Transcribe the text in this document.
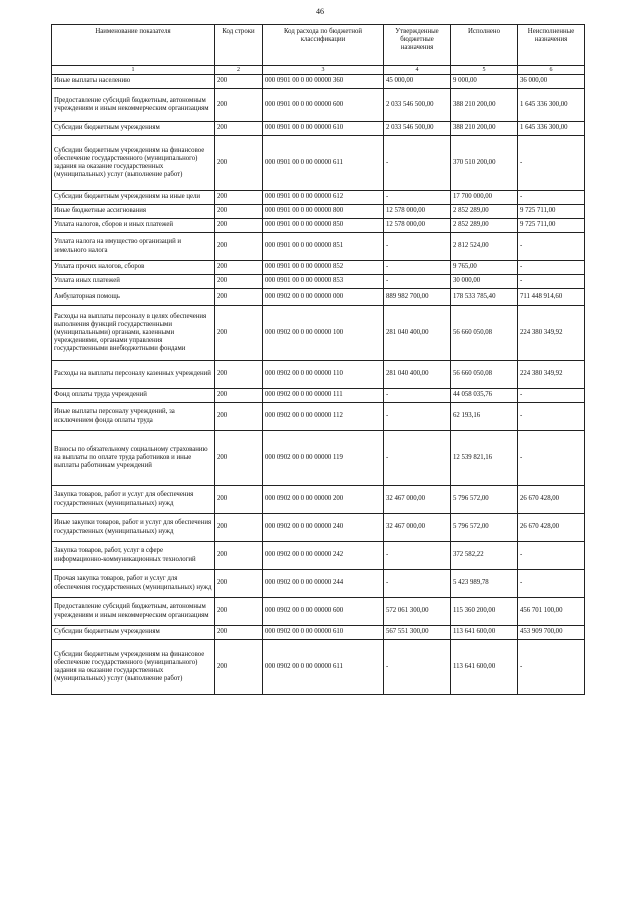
46
Наименование показателя	Код строки	Код расхода по бюджетной классификации	Утвержденные бюджетные назначения	Исполнено	Неисполненные назначения
1	2	3	4	5	6
Иные выплаты населению	200	000 0901 00 0 00 00000 360	45 000,00	9 000,00	36 000,00
Предоставление субсидий бюджетным, автономным учреждениям и иным некоммерческим организациям	200	000 0901 00 0 00 00000 600	2 033 546 500,00	388 210 200,00	1 645 336 300,00
Субсидии бюджетным учреждениям	200	000 0901 00 0 00 00000 610	2 033 546 500,00	388 210 200,00	1 645 336 300,00
Субсидии бюджетным учреждениям на финансовое обеспечение государственного (муниципального) задания на оказание государственных (муниципальных) услуг (выполнение работ)	200	000 0901 00 0 00 00000 611	-	370 510 200,00	-
Субсидии бюджетным учреждениям на иные цели	200	000 0901 00 0 00 00000 612	-	17 700 000,00	-
Иные бюджетные ассигнования	200	000 0901 00 0 00 00000 800	12 578 000,00	2 852 289,00	9 725 711,00
Уплата налогов, сборов и иных платежей	200	000 0901 00 0 00 00000 850	12 578 000,00	2 852 289,00	9 725 711,00
Уплата налога на имущество организаций и земельного налога	200	000 0901 00 0 00 00000 851	-	2 812 524,00	-
Уплата прочих налогов, сборов	200	000 0901 00 0 00 00000 852	-	9 765,00	-
Уплата иных платежей	200	000 0901 00 0 00 00000 853	-	30 000,00	-
Амбулаторная помощь	200	000 0902 00 0 00 00000 000	889 982 700,00	178 533 785,40	711 448 914,60
Расходы на выплаты персоналу в целях обеспечения выполнения функций государственными (муниципальными) органами, казенными учреждениями, органами управления государственными внебюджетными фондами	200	000 0902 00 0 00 00000 100	281 040 400,00	56 660 050,08	224 380 349,92
Расходы на выплаты персоналу казенных учреждений	200	000 0902 00 0 00 00000 110	281 040 400,00	56 660 050,08	224 380 349,92
Фонд оплаты труда учреждений	200	000 0902 00 0 00 00000 111	-	44 058 035,76	-
Иные выплаты персоналу учреждений, за исключением фонда оплаты труда	200	000 0902 00 0 00 00000 112	-	62 193,16	-
Взносы по обязательному социальному страхованию на выплаты по оплате труда работников и иные выплаты работникам учреждений	200	000 0902 00 0 00 00000 119	-	12 539 821,16	-
Закупка товаров, работ и услуг для обеспечения государственных (муниципальных) нужд	200	000 0902 00 0 00 00000 200	32 467 000,00	5 796 572,00	26 670 428,00
Иные закупки товаров, работ и услуг для обеспечения государственных (муниципальных) нужд	200	000 0902 00 0 00 00000 240	32 467 000,00	5 796 572,00	26 670 428,00
Закупка товаров, работ, услуг в сфере информационно-коммуникационных технологий	200	000 0902 00 0 00 00000 242	-	372 582,22	-
Прочая закупка товаров, работ и услуг для обеспечения государственных (муниципальных) нужд	200	000 0902 00 0 00 00000 244	-	5 423 989,78	-
Предоставление субсидий бюджетным, автономным учреждениям и иным некоммерческим организациям	200	000 0902 00 0 00 00000 600	572 061 300,00	115 360 200,00	456 701 100,00
Субсидии бюджетным учреждениям	200	000 0902 00 0 00 00000 610	567 551 300,00	113 641 600,00	453 909 700,00
Субсидии бюджетным учреждениям на финансовое обеспечение государственного (муниципального) задания на оказание государственных (муниципальных) услуг (выполнение работ)	200	000 0902 00 0 00 00000 611	-	113 641 600,00	-
